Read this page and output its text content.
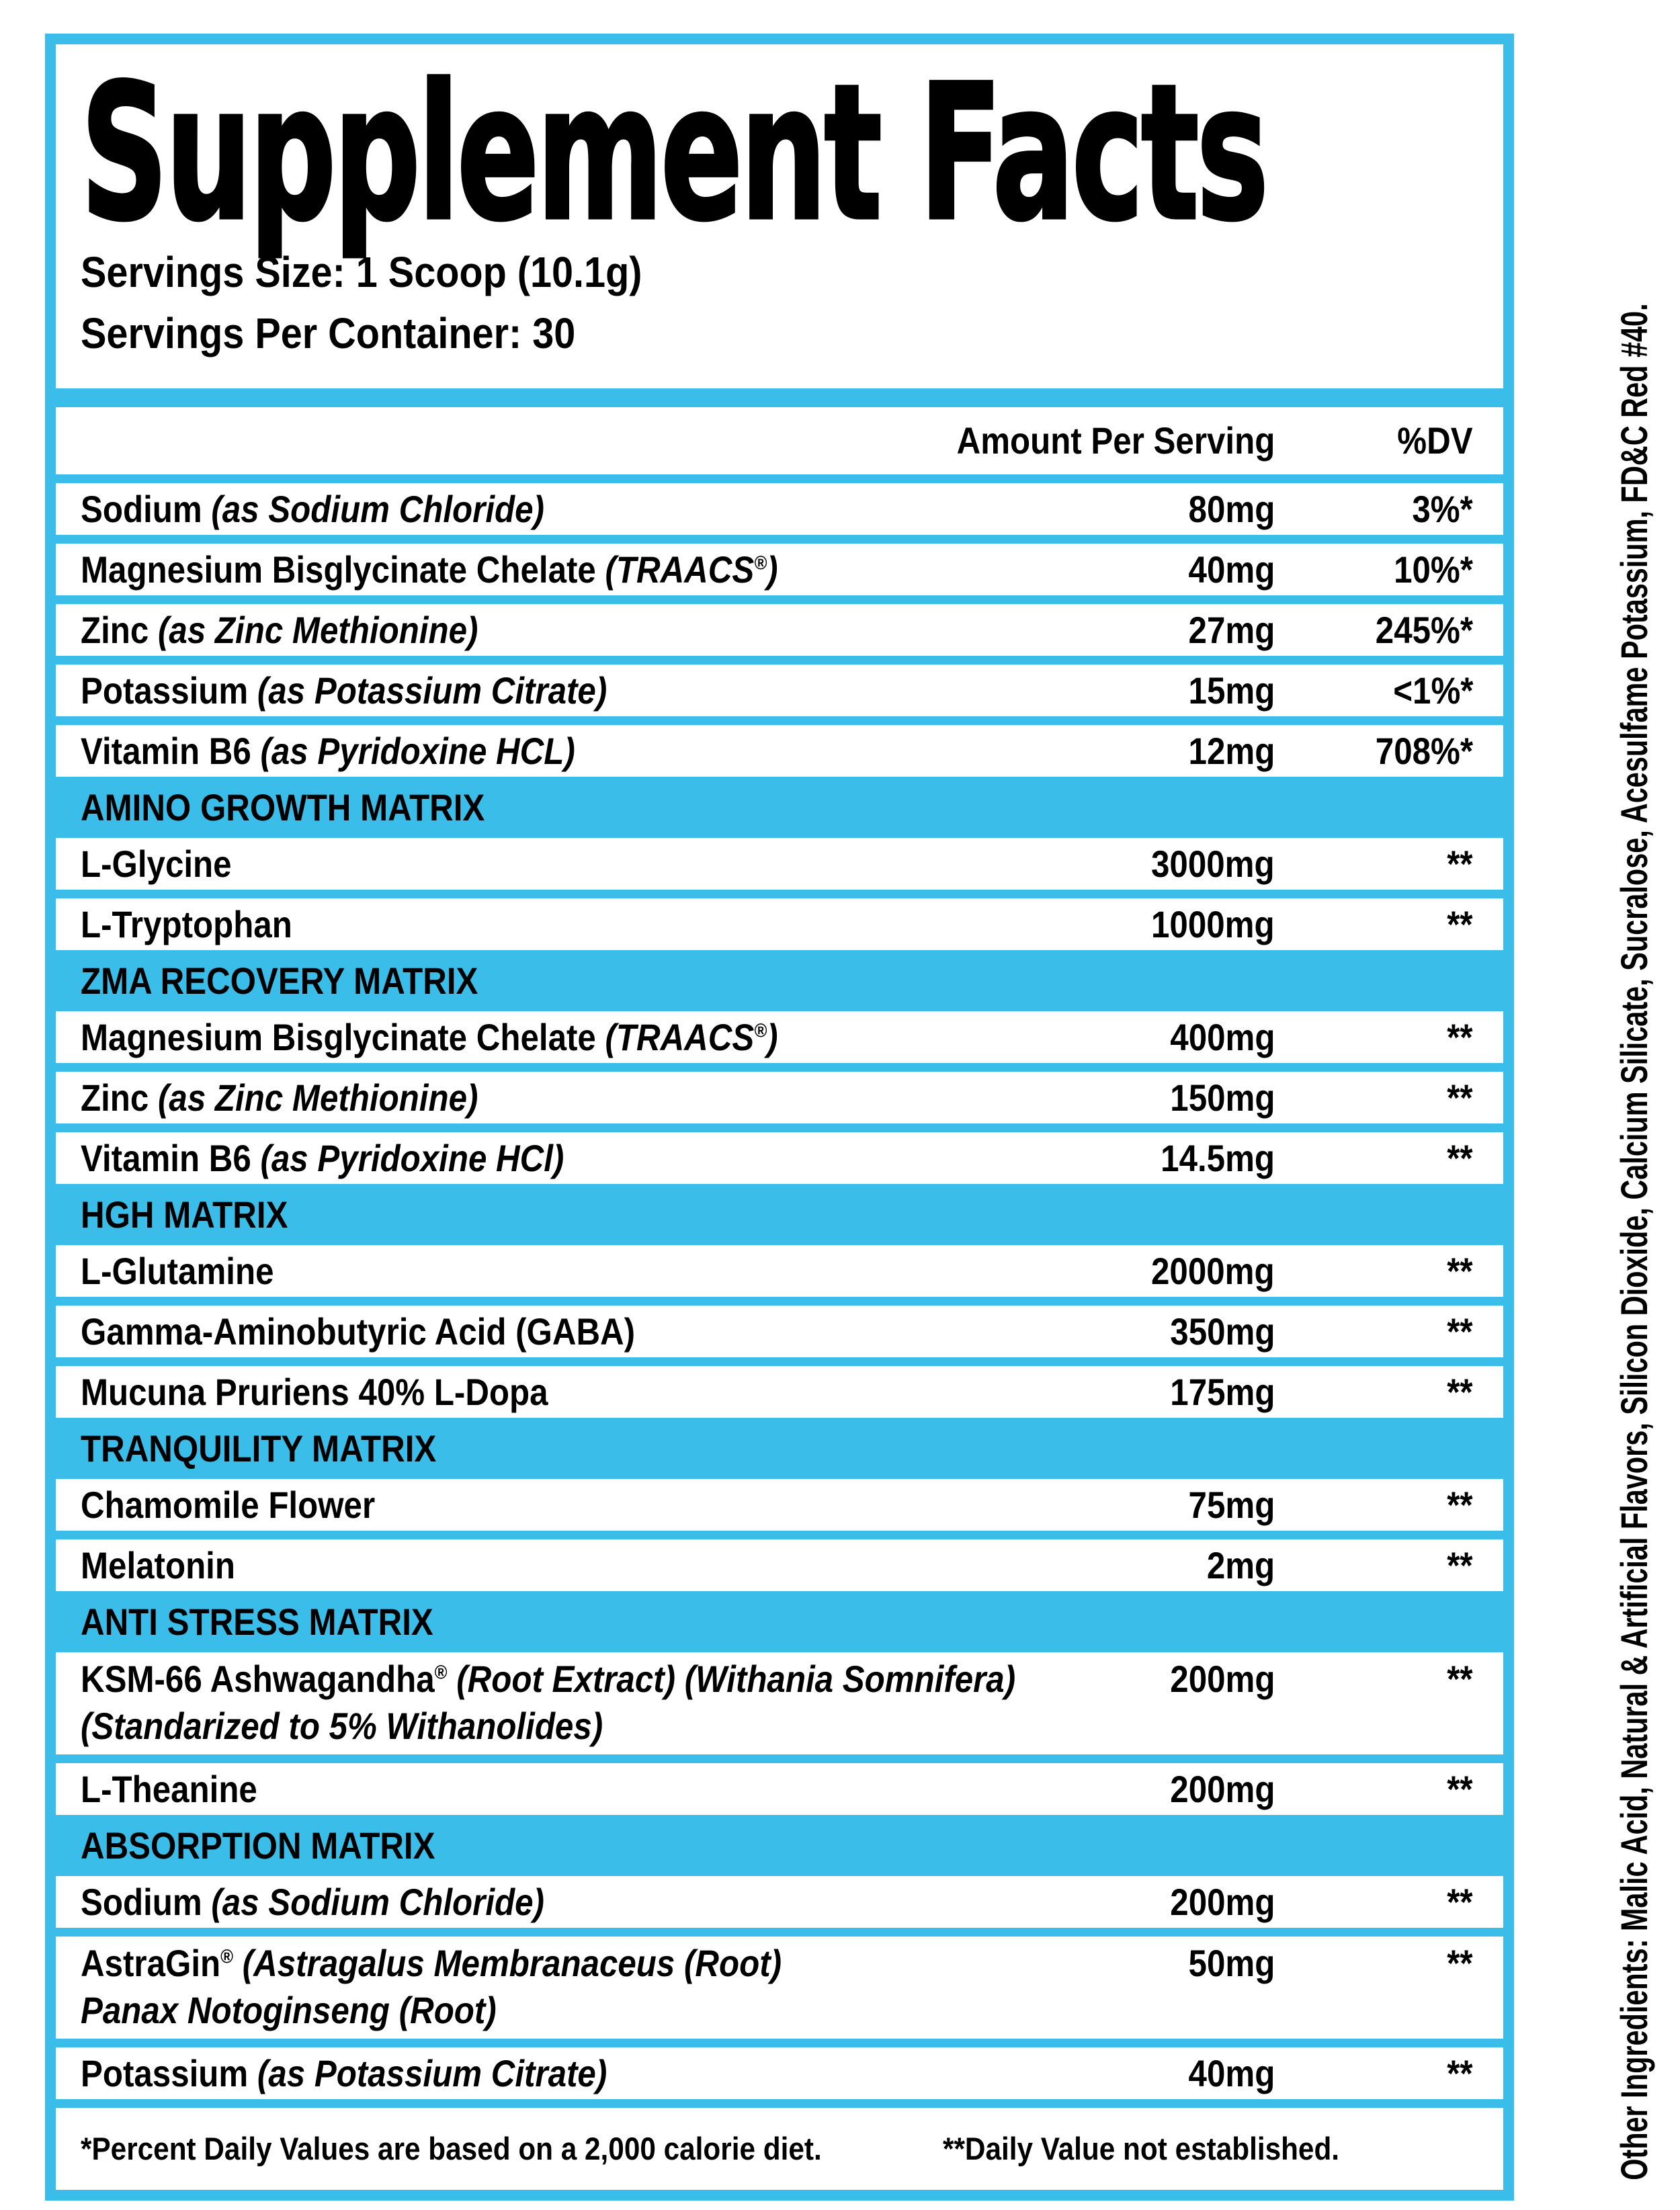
Supplement Facts
Servings Size: 1 Scoop (10.1g)
Servings Per Container: 30
Amount Per Serving	%DV
Sodium (as Sodium Chloride)	80mg	3%*
Magnesium Bisglycinate Chelate (TRAACS®)	40mg	10%*
Zinc (as Zinc Methionine)	27mg	245%*
Potassium (as Potassium Citrate)	15mg	<1%*
Vitamin B6 (as Pyridoxine HCL)	12mg	708%*
AMINO GROWTH MATRIX
L-Glycine	3000mg	**
L-Tryptophan	1000mg	**
ZMA RECOVERY MATRIX
Magnesium Bisglycinate Chelate (TRAACS®)	400mg	**
Zinc (as Zinc Methionine)	150mg	**
Vitamin B6 (as Pyridoxine HCl)	14.5mg	**
HGH MATRIX
L-Glutamine	2000mg	**
Gamma-Aminobutyric Acid (GABA)	350mg	**
Mucuna Pruriens 40% L-Dopa	175mg	**
TRANQUILITY MATRIX
Chamomile Flower	75mg	**
Melatonin	2mg	**
ANTI STRESS MATRIX
KSM-66 Ashwagandha® (Root Extract) (Withania Somnifera)
(Standarized to 5% Withanolides)
200mg	**
L-Theanine	200mg	**
ABSORPTION MATRIX
Sodium (as Sodium Chloride)	200mg	**
AstraGin® (Astragalus Membranaceus (Root)
Panax Notoginseng (Root)
50mg	**
Potassium (as Potassium Citrate)	40mg	**
*Percent Daily Values are based on a 2,000 calorie diet.	**Daily Value not established.	Other Ingredients: Malic Acid, Natural & Artificial Flavors, Silicon Dioxide, Calcium Silicate, Sucralose, Acesulfame Potassium, FD&C Red #40.
